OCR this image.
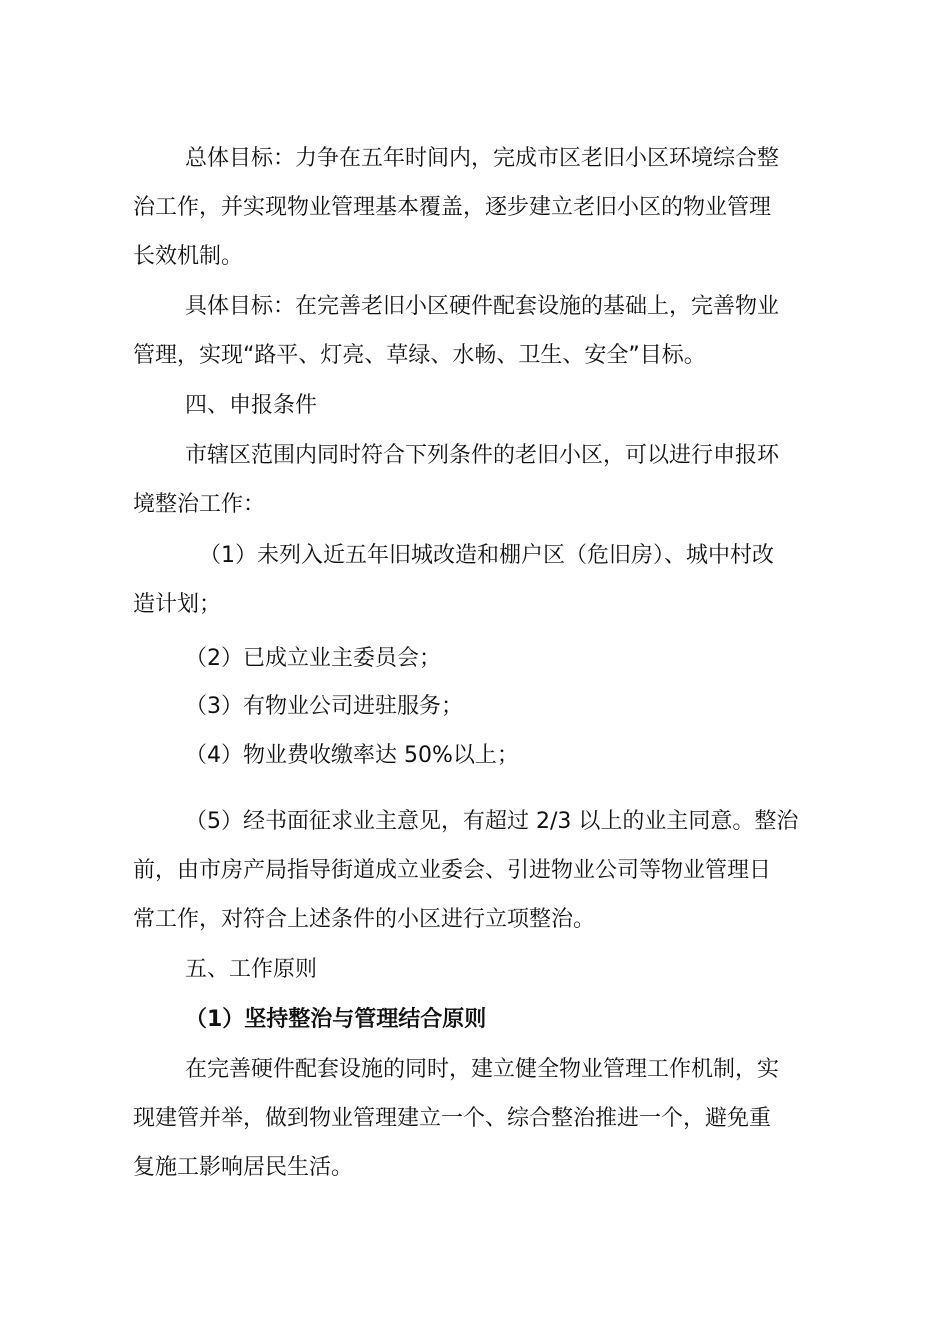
总体目标：力争在五年时间内，完成市区老旧小区环境综合整
治工作，并实现物业管理基本覆盖，逐步建立老旧小区的物业管理
长效机制。
具体目标：在完善老旧小区硬件配套设施的基础上，完善物业
管理，实现“路平、灯亮、草绿、水畅、卫生、安全”目标。
四、申报条件
市辖区范围内同时符合下列条件的老旧小区，可以进行申报环
境整治工作：
（1）未列入近五年旧城改造和棚户区（危旧房）、城中村改
造计划；
（2）已成立业主委员会；
（3）有物业公司进驻服务；
（4）物业费收缴率达 50%以上；
（5）经书面征求业主意见，有超过 2/3 以上的业主同意。整治
前，由市房产局指导街道成立业委会、引进物业公司等物业管理日
常工作，对符合上述条件的小区进行立项整治。
五、工作原则
（1）坚持整治与管理结合原则
在完善硬件配套设施的同时，建立健全物业管理工作机制，实
现建管并举，做到物业管理建立一个、综合整治推进一个，避免重
复施工影响居民生活。
